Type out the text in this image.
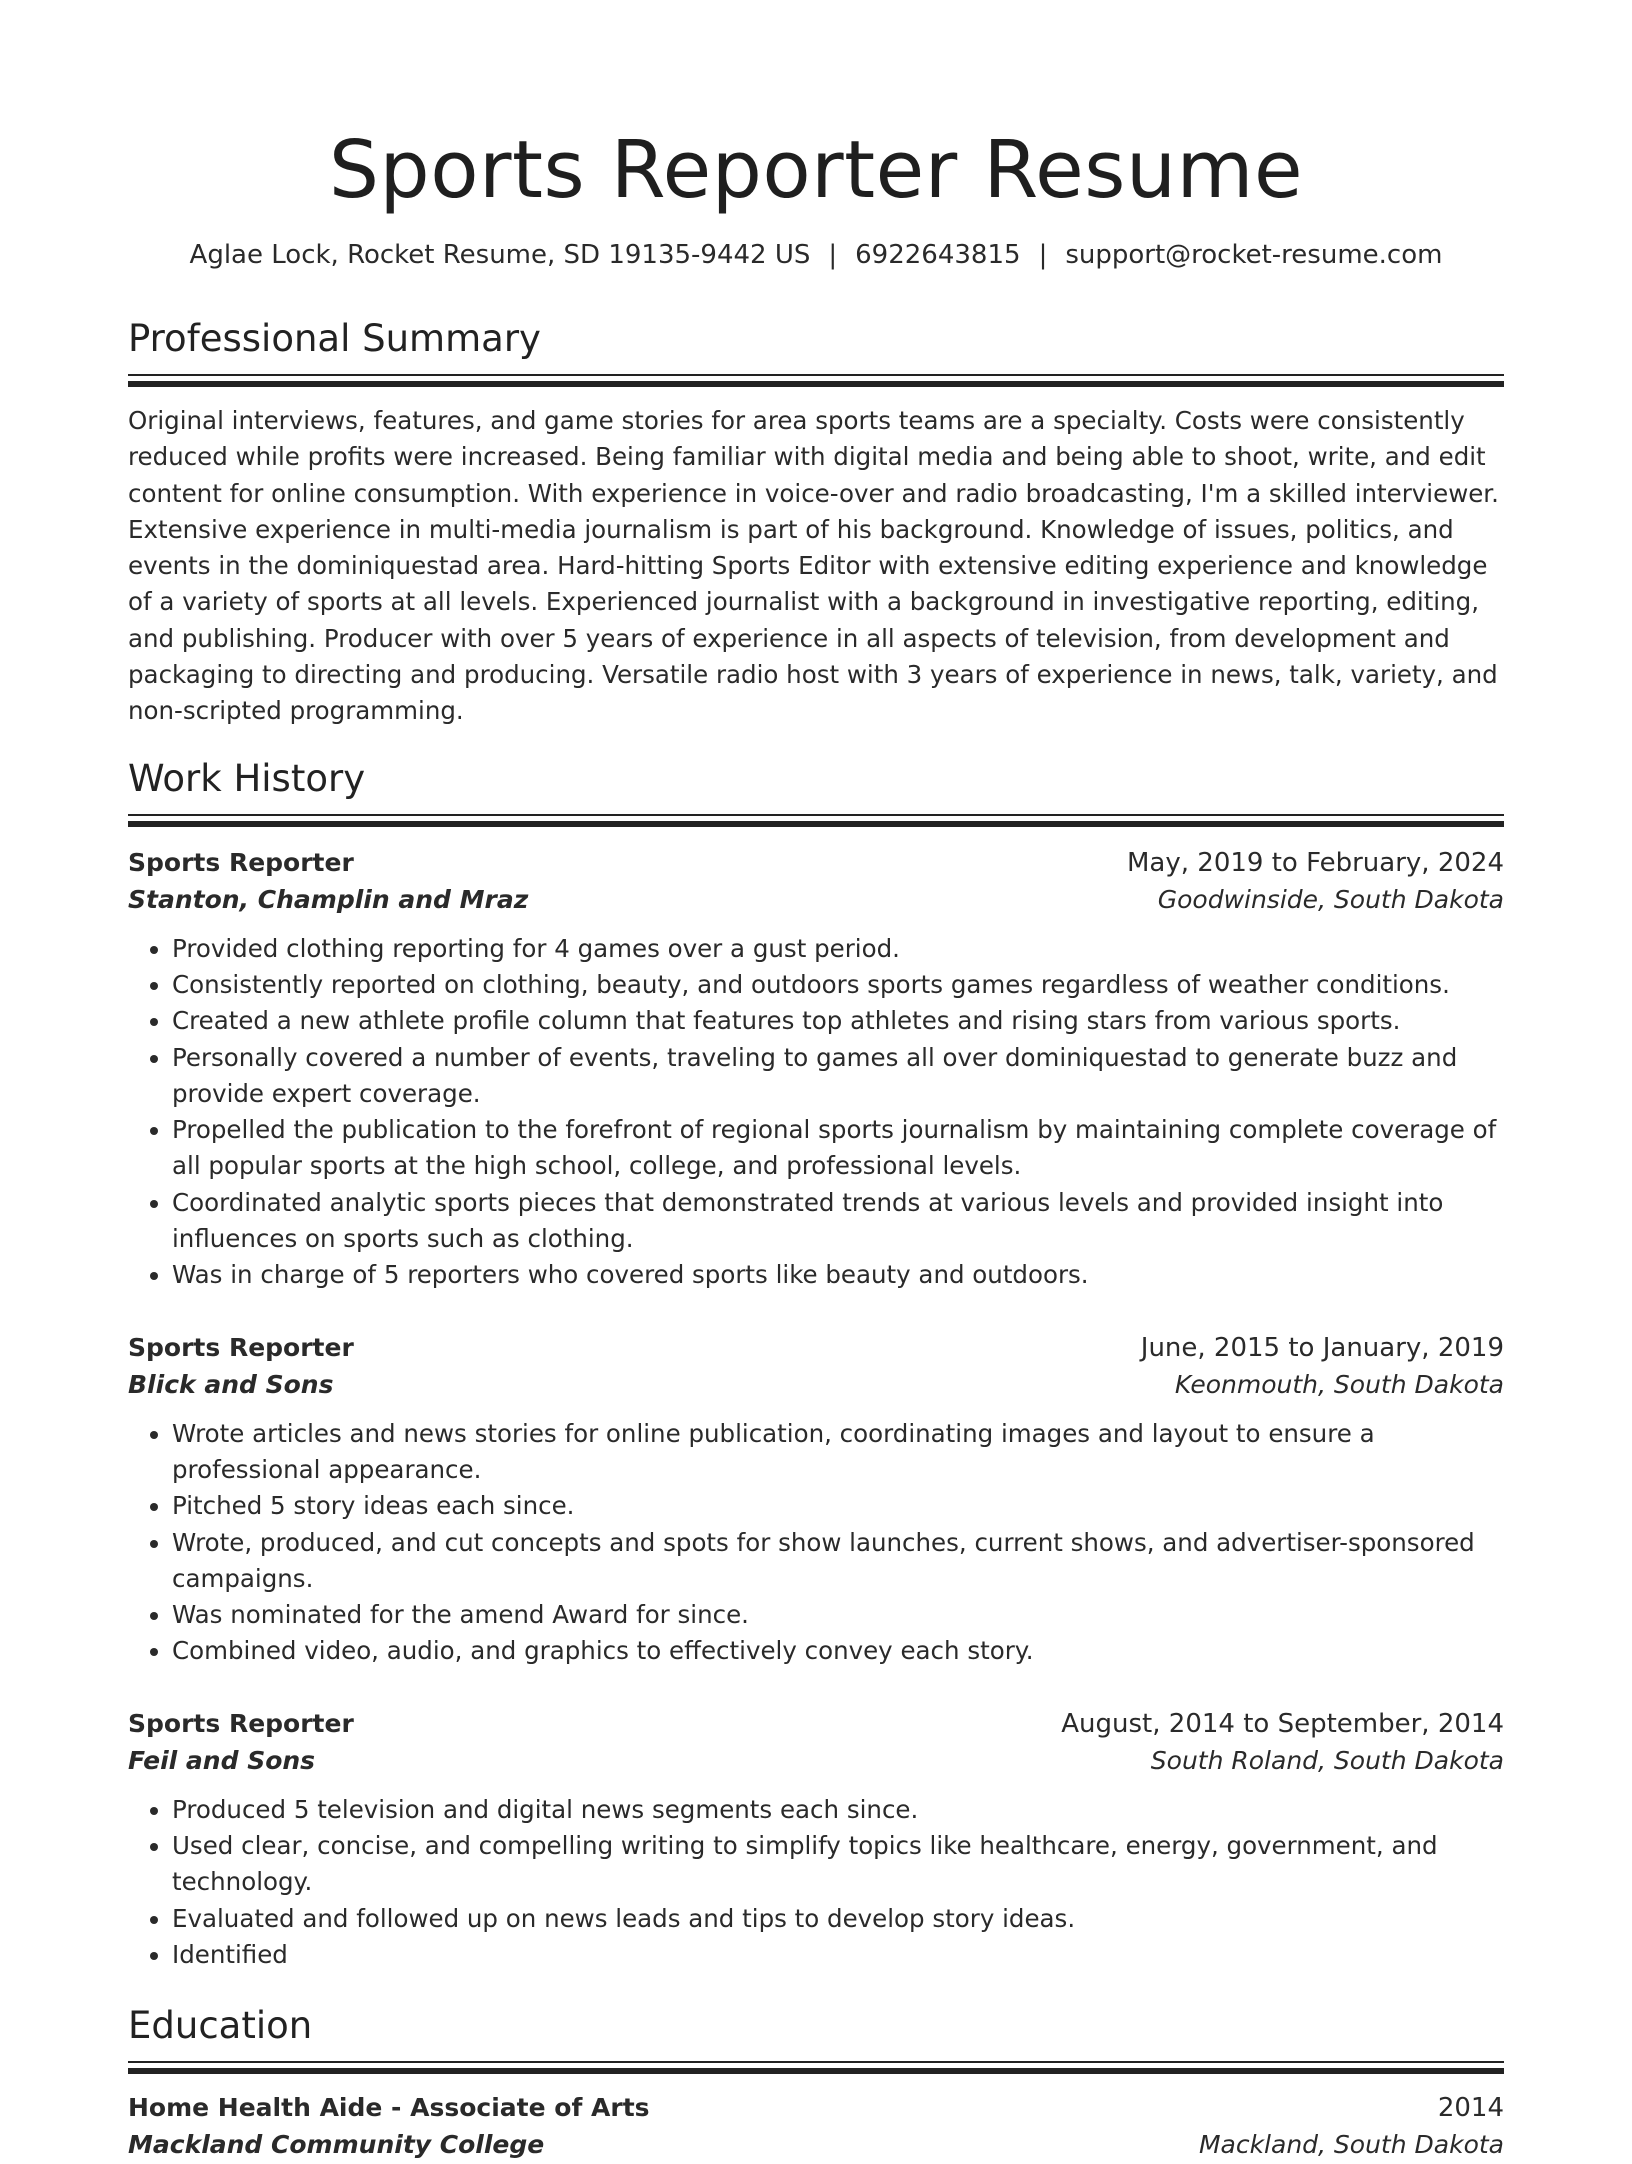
Sports Reporter Resume
Aglae Lock, Rocket Resume, SD 19135-9442 US | 6922643815 | support@rocket-resume.com
Professional Summary

Original interviews, features, and game stories for area sports teams are a specialty. Costs were consistently reduced while profits were increased. Being familiar with digital media and being able to shoot, write, and edit content for online consumption. With experience in voice-over and radio broadcasting, I'm a skilled interviewer. Extensive experience in multi-media journalism is part of his background. Knowledge of issues, politics, and events in the dominiquestad area. Hard-hitting Sports Editor with extensive editing experience and knowledge of a variety of sports at all levels. Experienced journalist with a background in investigative reporting, editing, and publishing. Producer with over 5 years of experience in all aspects of television, from development and packaging to directing and producing. Versatile radio host with 3 years of experience in news, talk, variety, and non-scripted programming.

Work History
Sports Reporter	May, 2019 to February, 2024
Stanton, Champlin and Mraz	Goodwinside, South Dakota
• Provided clothing reporting for 4 games over a gust period.
• Consistently reported on clothing, beauty, and outdoors sports games regardless of weather conditions.
• Created a new athlete profile column that features top athletes and rising stars from various sports.
• Personally covered a number of events, traveling to games all over dominiquestad to generate buzz and provide expert coverage.
• Propelled the publication to the forefront of regional sports journalism by maintaining complete coverage of all popular sports at the high school, college, and professional levels.
• Coordinated analytic sports pieces that demonstrated trends at various levels and provided insight into influences on sports such as clothing.
• Was in charge of 5 reporters who covered sports like beauty and outdoors.
Sports Reporter	June, 2015 to January, 2019
Blick and Sons	Keonmouth, South Dakota
• Wrote articles and news stories for online publication, coordinating images and layout to ensure a professional appearance.
• Pitched 5 story ideas each since.
• Wrote, produced, and cut concepts and spots for show launches, current shows, and advertiser-sponsored campaigns.
• Was nominated for the amend Award for since.
• Combined video, audio, and graphics to effectively convey each story.
Sports Reporter	August, 2014 to September, 2014
Feil and Sons	South Roland, South Dakota
• Produced 5 television and digital news segments each since.
• Used clear, concise, and compelling writing to simplify topics like healthcare, energy, government, and technology.
• Evaluated and followed up on news leads and tips to develop story ideas.
• Identified
Education
Home Health Aide - Associate of Arts	2014
Mackland Community College	Mackland, South Dakota
